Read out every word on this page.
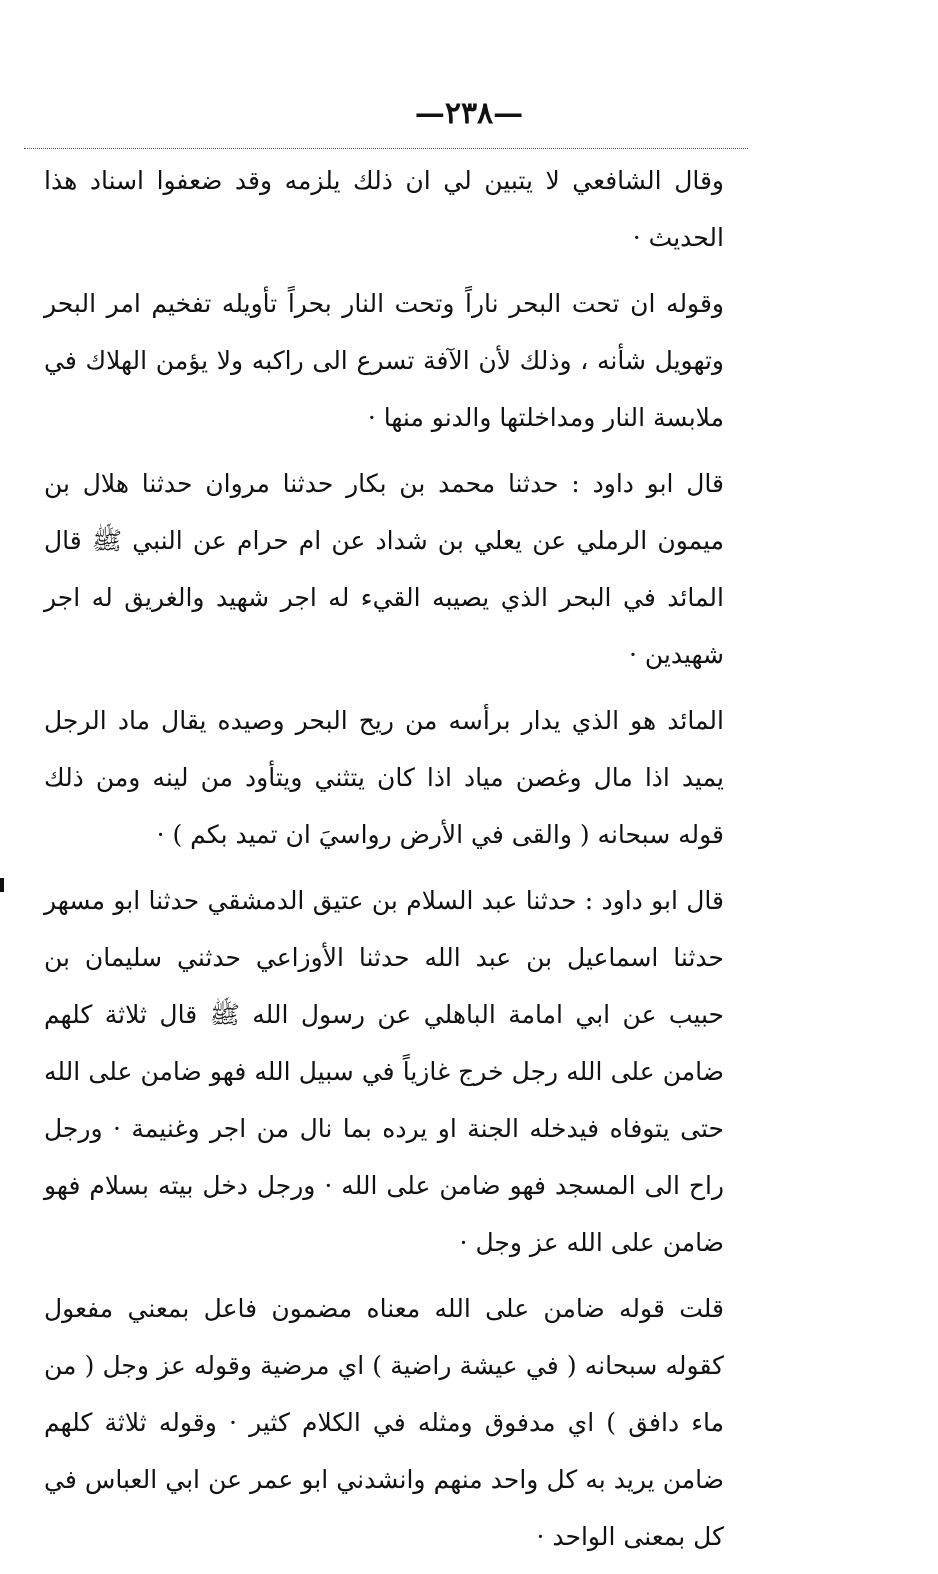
—٢٣٨—

وقال الشافعي لا يتبين لي ان ذلك يلزمه وقد ضعفوا اسناد هذا الحديث ·

وقوله ان تحت البحر ناراً وتحت النار بحراً تأويله تفخيم امر البحر وتهويل شأنه ، وذلك لأن الآفة تسرع الى راكبه ولا يؤمن الهلاك في ملابسة النار ومداخلتها والدنو منها ·

قال ابو داود : حدثنا محمد بن بكار حدثنا مروان حدثنا هلال بن ميمون الرملي عن يعلي بن شداد عن ام حرام عن النبي ﷺ قال المائد في البحر الذي يصيبه القيء له اجر شهيد والغريق له اجر شهيدين ·

المائد هو الذي يدار برأسه من ريح البحر وصيده يقال ماد الرجل يميد اذا مال وغصن مياد اذا كان يتثني ويتأود من لينه ومن ذلك قوله سبحانه ( والقى في الأرض رواسيَ ان تميد بكم ) ·

قال ابو داود : حدثنا عبد السلام بن عتيق الدمشقي حدثنا ابو مسهر حدثنا اسماعيل بن عبد الله حدثنا الأوزاعي حدثني سليمان بن حبيب عن ابي امامة الباهلي عن رسول الله ﷺ قال ثلاثة كلهم ضامن على الله رجل خرج غازياً في سبيل الله فهو ضامن على الله حتى يتوفاه فيدخله الجنة او يرده بما نال من اجر وغنيمة · ورجل راح الى المسجد فهو ضامن على الله · ورجل دخل بيته بسلام فهو ضامن على الله عز وجل ·

قلت قوله ضامن على الله معناه مضمون فاعل بمعني مفعول كقوله سبحانه ( في عيشة راضية ) اي مرضية وقوله عز وجل ( من ماء دافق ) اي مدفوق ومثله في الكلام كثير · وقوله ثلاثة كلهم ضامن يريد به كل واحد منهم وانشدني ابو عمر عن ابي العباس في كل بمعنى الواحد ·
